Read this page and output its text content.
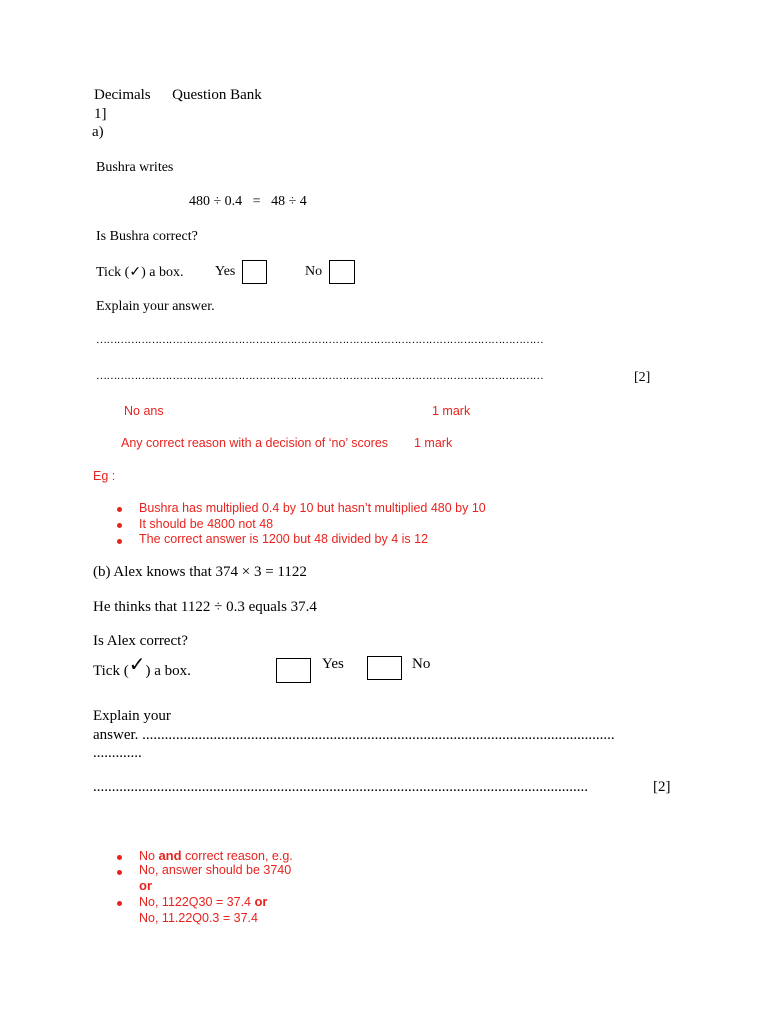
Decimals Question Bank
1]
a)
Bushra writes
480 ÷ 0.4   =   48 ÷ 4
Is Bushra correct?
Tick (✓) a box. Yes	No
Explain your answer.
…………………………………………………………………………………………………………………
…………………………………………………………………………………………………………………	[2]
No ans	1 mark
Any correct reason with a decision of ‘no’ scores 1 mark
Eg :
Bushra has multiplied 0.4 by 10 but hasn’t multiplied 480 by 10
It should be 4800 not 48
The correct answer is 1200 but 48 divided by 4 is 12
(b) Alex knows that 374 × 3 = 1122
He thinks that 1122 ÷ 0.3 equals 37.4
Is Alex correct?
Tick (✓) a box.	Yes	No
Explain your
answer. ..............................................................................................................................
.............
....................................................................................................................................	[2]
No and correct reason, e.g.
No, answer should be 3740
or
No, 1122Q30 = 37.4 or
No, 11.22Q0.3 = 37.4
